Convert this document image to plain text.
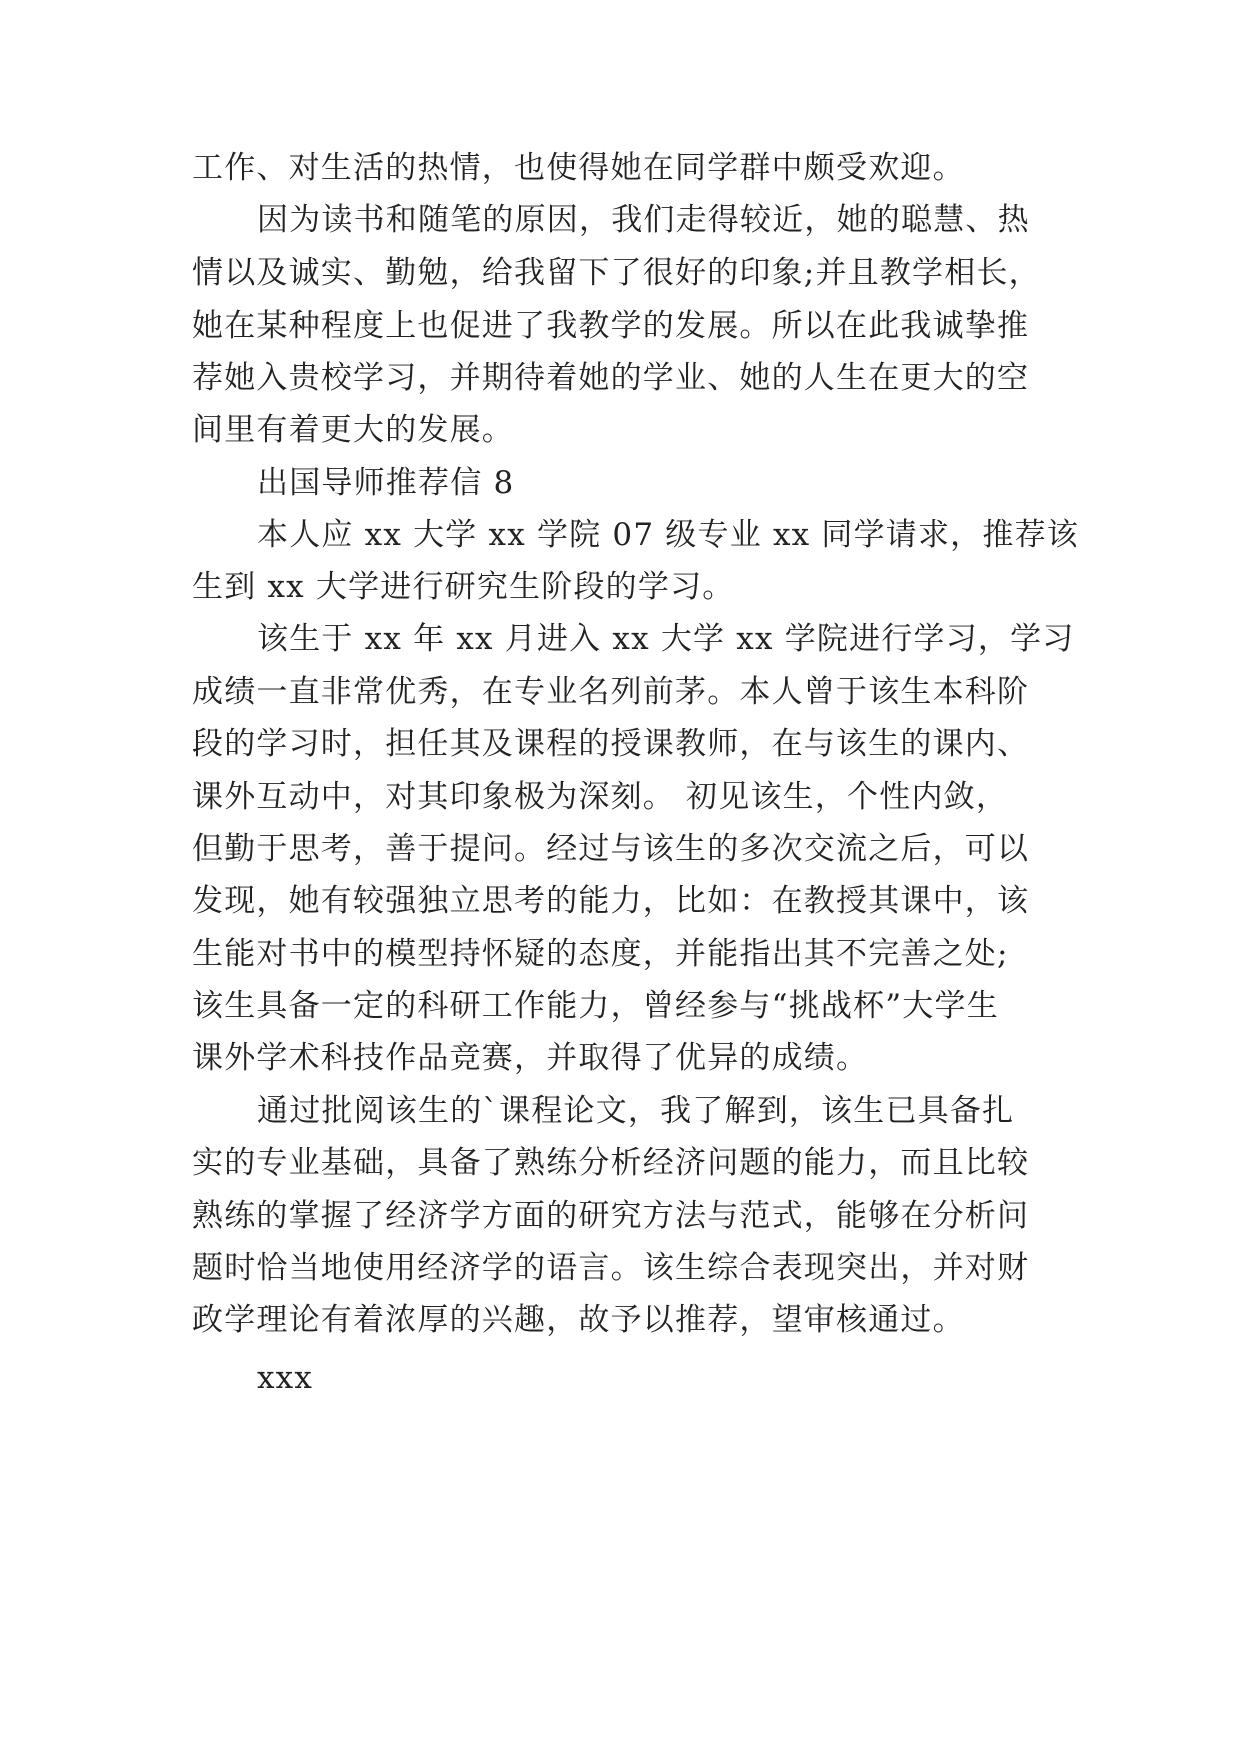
工作、对生活的热情，也使得她在同学群中颇受欢迎。
因为读书和随笔的原因，我们走得较近，她的聪慧、热
情以及诚实、勤勉，给我留下了很好的印象;并且教学相长，
她在某种程度上也促进了我教学的发展。所以在此我诚挚推
荐她入贵校学习，并期待着她的学业、她的人生在更大的空
间里有着更大的发展。
出国导师推荐信 8
本人应 xx 大学 xx 学院 07 级专业 xx 同学请求，推荐该
生到 xx 大学进行研究生阶段的学习。
该生于 xx 年 xx 月进入 xx 大学 xx 学院进行学习，学习
成绩一直非常优秀，在专业名列前茅。本人曾于该生本科阶
段的学习时，担任其及课程的授课教师，在与该生的课内、
课外互动中，对其印象极为深刻。 初见该生，个性内敛，
但勤于思考，善于提问。经过与该生的多次交流之后，可以
发现，她有较强独立思考的能力，比如：在教授其课中，该
生能对书中的模型持怀疑的态度，并能指出其不完善之处;
该生具备一定的科研工作能力，曾经参与“挑战杯”大学生
课外学术科技作品竞赛，并取得了优异的成绩。
通过批阅该生的`课程论文，我了解到，该生已具备扎
实的专业基础，具备了熟练分析经济问题的能力，而且比较
熟练的掌握了经济学方面的研究方法与范式，能够在分析问
题时恰当地使用经济学的语言。该生综合表现突出，并对财
政学理论有着浓厚的兴趣，故予以推荐，望审核通过。
xxx
